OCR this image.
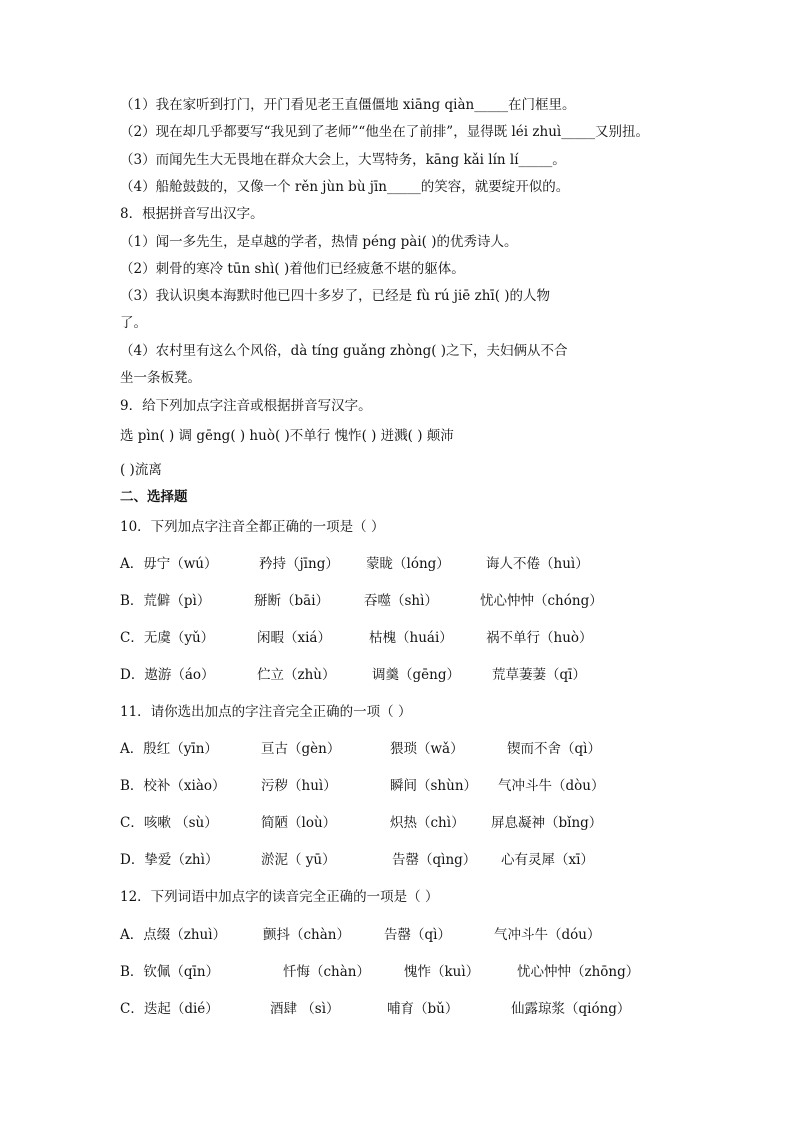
（1）我在家听到打门，开门看见老王直僵僵地 xiāng qiàn_____在门框里。
（2）现在却几乎都要写“我见到了老师”“他坐在了前排”，显得既 léi zhuì_____又别扭。
（3）而闻先生大无畏地在群众大会上，大骂特务，kāng kǎi lín lí_____。
（4）船舱鼓鼓的，又像一个 rěn jùn bù jīn_____的笑容，就要绽开似的。
8．根据拼音写出汉字。
（1）闻一多先生，是卓越的学者，热情 péng pài( )的优秀诗人。
（2）刺骨的寒冷 tūn shì( )着他们已经疲惫不堪的躯体。
（3）我认识奥本海默时他已四十多岁了，已经是 fù rú jiē zhī( )的人物
了。
（4）农村里有这么个风俗，dà tíng guǎng zhòng( )之下，夫妇俩从不合
坐一条板凳。
9．给下列加点字注音或根据拼音写汉字。
选 pìn( ) 调 gēng( ) huò( )不单行 愧怍( ) 迸溅( ) 颠沛
( )流离
二、选择题
10．下列加点字注音全都正确的一项是（ ）
A．毋宁（wú）	矜持（jīng） 蒙眬（lóng）	诲人不倦（huì）
B．荒僻（pì）	掰断（bāi）	吞噬（shì）	忧心忡忡（chóng）
C．无虞（yǔ）	闲暇（xiá）	枯槐（huái） 祸不单行（huò）
D．遨游（áo）	伫立（zhù）	调羹（gēng） 荒草萋萋（qī）
11．请你选出加点的字注音完全正确的一项（ ）
A．殷红（yīn）	亘古（gèn）	猥琐（wǎ）	锲而不舍（qì）
B．校补（xiào）	污秽（huì）	瞬间（shùn） 气冲斗牛（dòu）
C．咳嗽 （sù）	简陋（loù）	炽热（chì） 屏息凝神（bǐng）
D．挚爱（zhì）	淤泥（ yū）	告罄（qìng） 心有灵犀（xī）
12．下列词语中加点字的读音完全正确的一项是（ ）
A．点缀（zhuì）	颤抖（chàn）	告罄（qì）	气冲斗牛（dóu）
B．钦佩（qīn）	忏悔（chàn）	愧怍（kuì）	忧心忡忡（zhōng）
C．迭起（dié）	酒肆 （sì）	哺育（bǔ）	仙露琼浆（qióng）
